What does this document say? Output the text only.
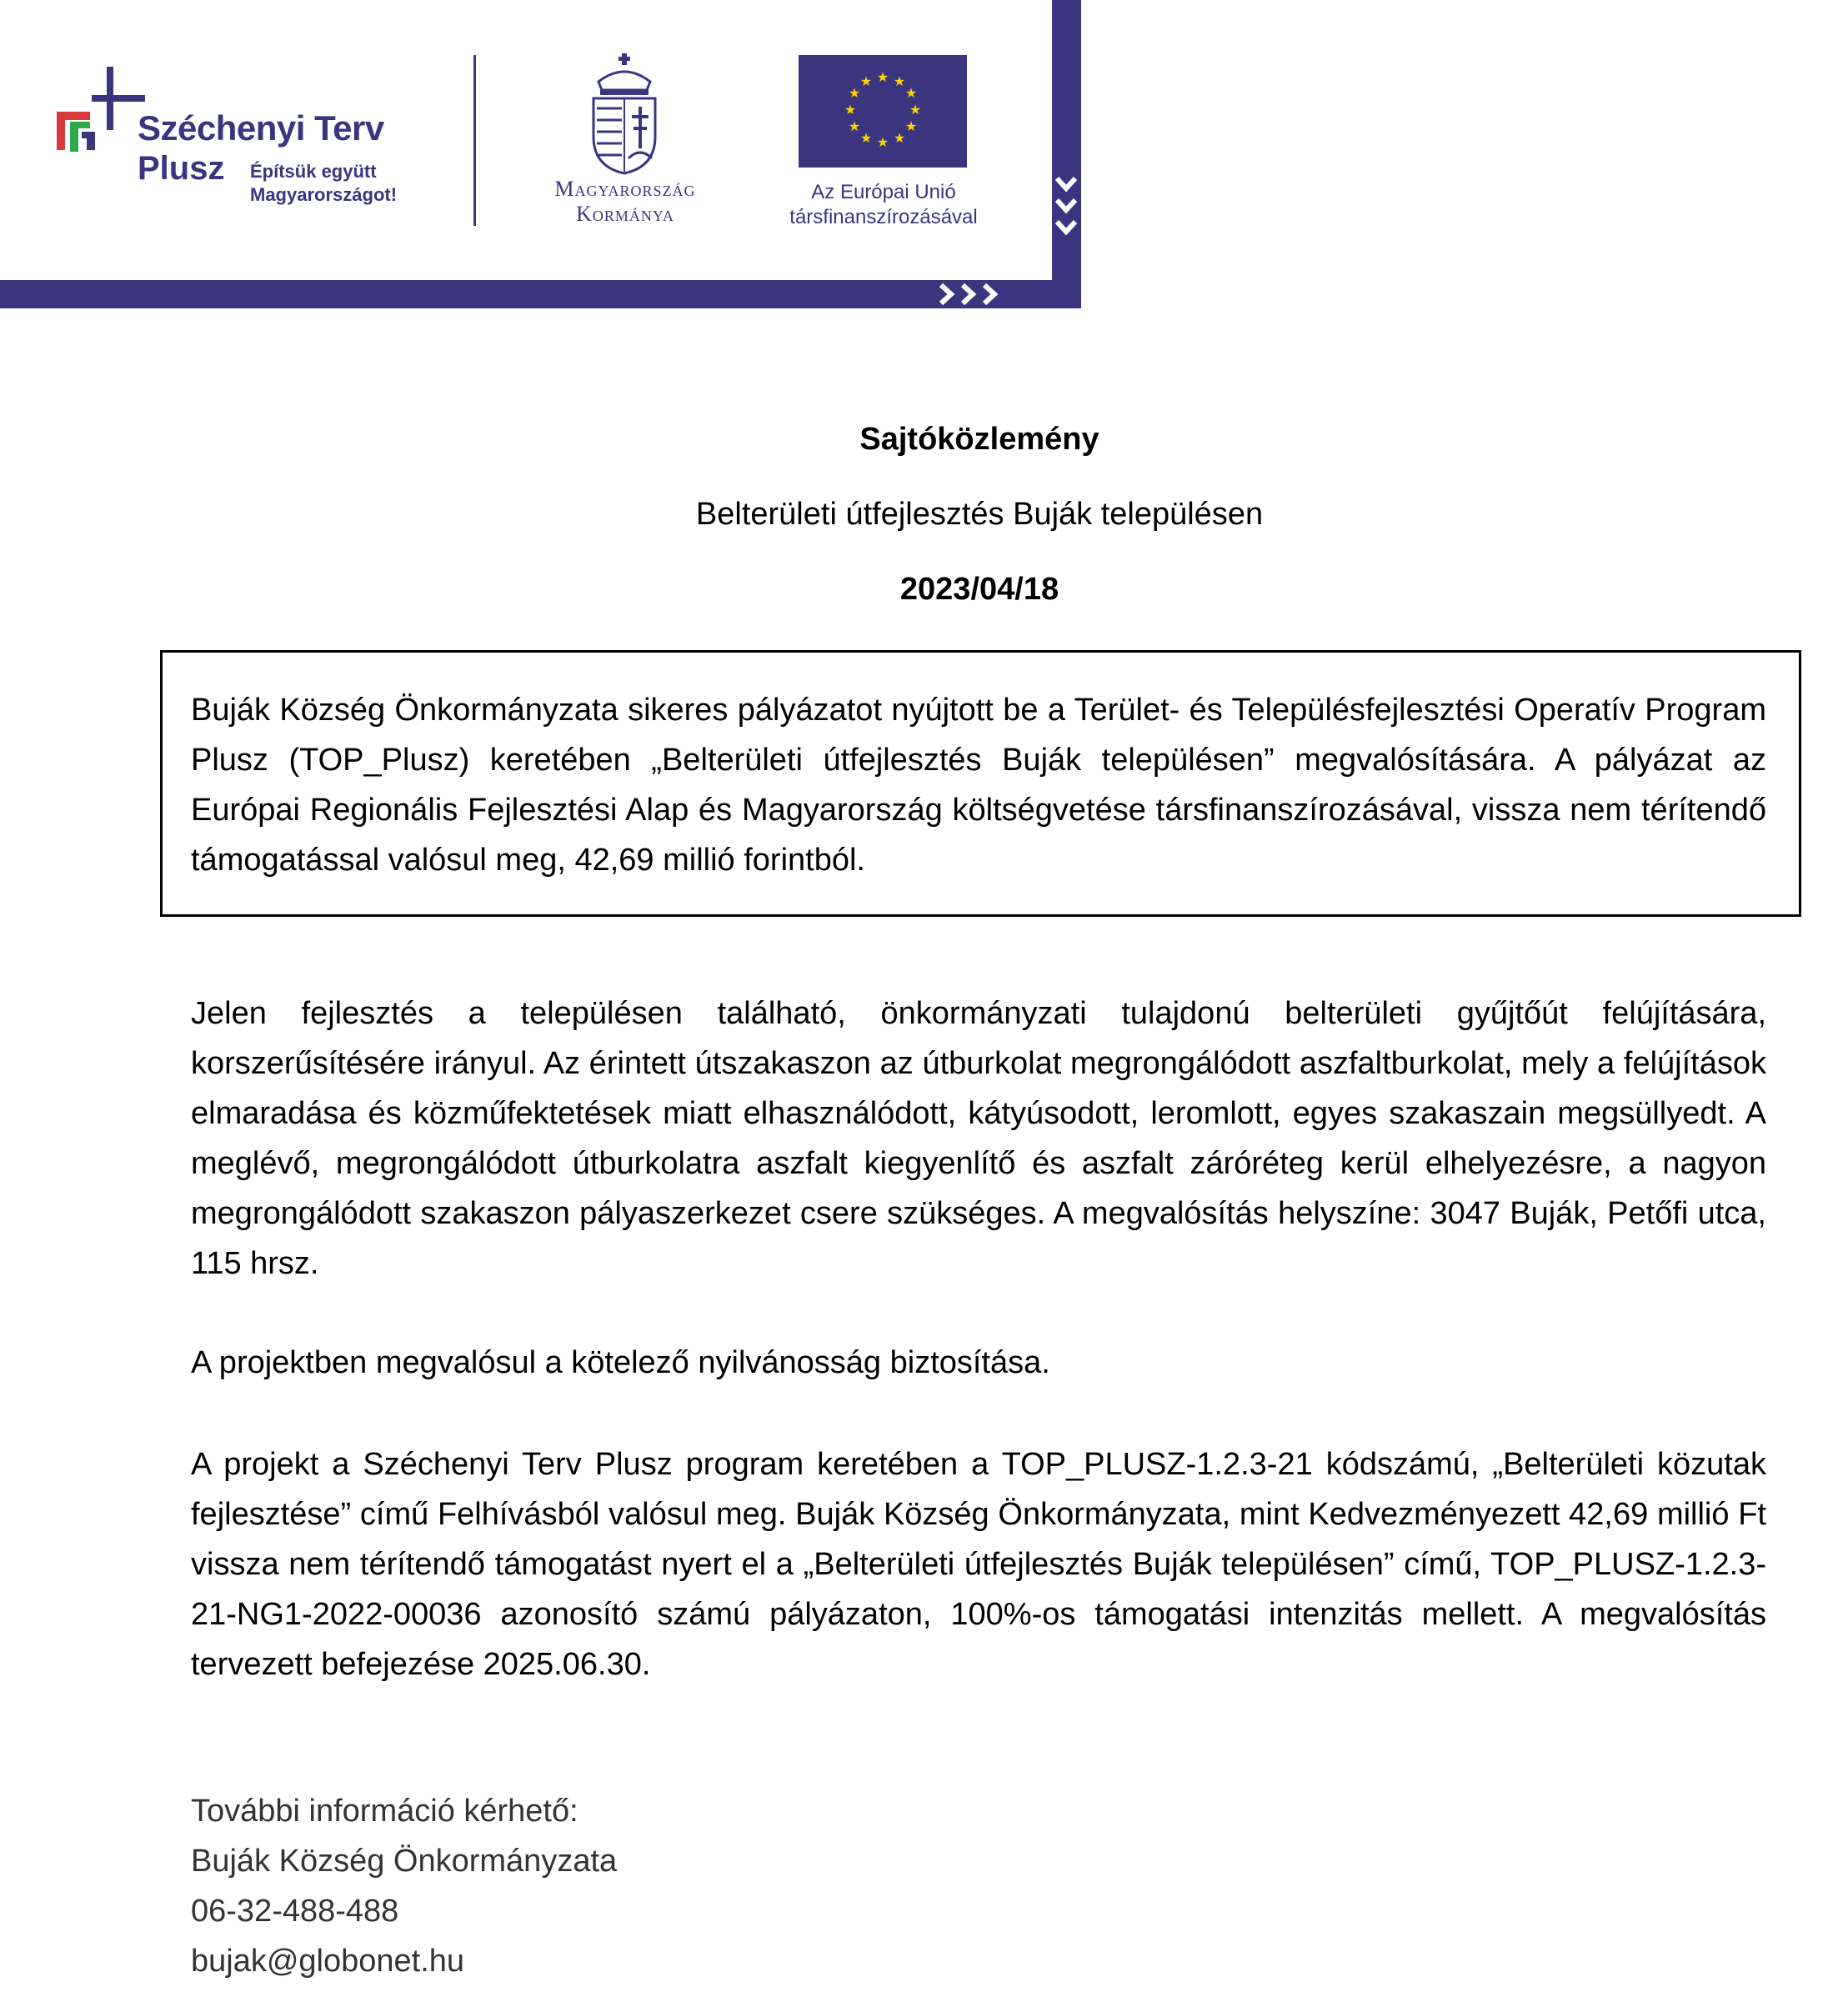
Széchenyi Terv
Plusz Építsük együtt
Magyarországot!	Magyarország
Kormánya
★ ★
★
★
★
★
★
★
★
★
★
★
Az Európai Unió
társfinanszírozásával
Sajtóközlemény
Belterületi útfejlesztés Buják településen
2023/04/18
Buják Község Önkormányzata sikeres pályázatot nyújtott be a Terület- és Településfejlesztési Operatív Program Plusz (TOP_Plusz) keretében „Belterületi útfejlesztés Buják településen” megvalósítására. A pályázat az Európai Regionális Fejlesztési Alap és Magyarország költségvetése társfinanszírozásával, vissza nem térítendő támogatással valósul meg, 42,69 millió forintból.
Jelen fejlesztés a településen található, önkormányzati tulajdonú belterületi gyűjtőút felújítására, korszerűsítésére irányul. Az érintett útszakaszon az útburkolat megrongálódott aszfaltburkolat, mely a felújítások elmaradása és közműfektetések miatt elhasználódott, kátyúsodott, leromlott, egyes szakaszain megsüllyedt. A meglévő, megrongálódott útburkolatra aszfalt kiegyenlítő és aszfalt záróréteg kerül elhelyezésre, a nagyon megrongálódott szakaszon pályaszerkezet csere szükséges. A megvalósítás helyszíne: 3047 Buják, Petőfi utca, 115 hrsz.
A projektben megvalósul a kötelező nyilvánosság biztosítása.
A projekt a Széchenyi Terv Plusz program keretében a TOP_PLUSZ-1.2.3-21 kódszámú, „Belterületi közutak fejlesztése” című Felhívásból valósul meg. Buják Község Önkormányzata, mint Kedvezményezett 42,69 millió Ft vissza nem térítendő támogatást nyert el a „Belterületi útfejlesztés Buják településen” című, TOP_PLUSZ-1.2.3-21-NG1-2022-00036 azonosító számú pályázaton, 100%-os támogatási intenzitás mellett. A megvalósítás tervezett befejezése 2025.06.30.
További információ kérhető:
Buják Község Önkormányzata
06-32-488-488
bujak@globonet.hu
